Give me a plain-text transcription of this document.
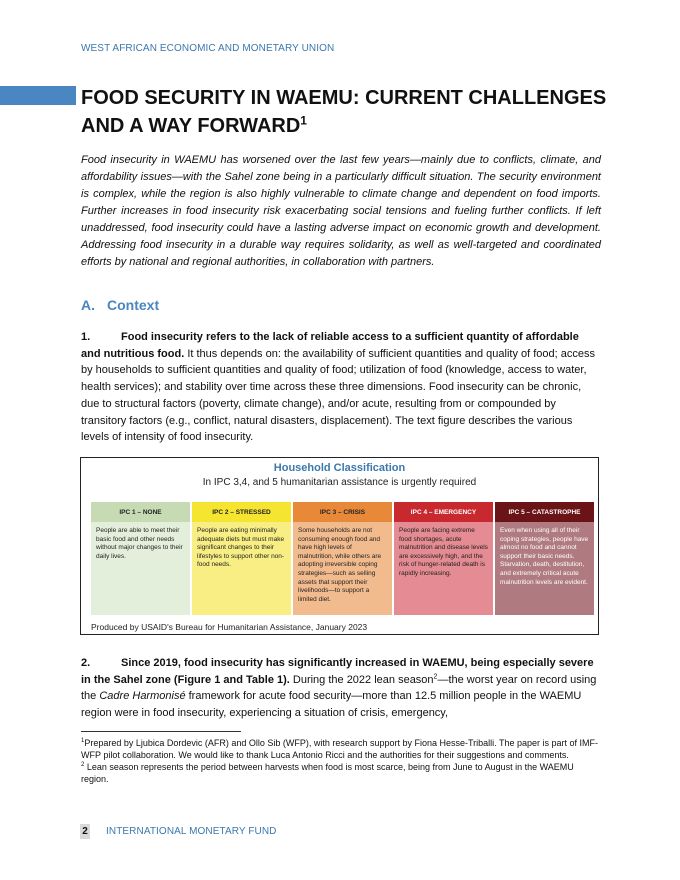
WEST AFRICAN ECONOMIC AND MONETARY UNION
FOOD SECURITY IN WAEMU: CURRENT CHALLENGES AND A WAY FORWARD$^1$

Food insecurity in WAEMU has worsened over the last few years—mainly due to conflicts, climate, and affordability issues—with the Sahel zone being in a particularly difficult situation. The security environment is complex, while the region is also highly vulnerable to climate change and dependent on food imports. Further increases in food insecurity risk exacerbating social tensions and fueling further conflicts. If left unaddressed, food insecurity could have a lasting adverse impact on economic growth and development. Addressing food insecurity in a durable way requires solidarity, as well as well-targeted and coordinated efforts by national and regional authorities, in collaboration with partners.

A. Context

1.	Food insecurity refers to the lack of reliable access to a sufficient quantity of affordable and nutritious food. It thus depends on: the availability of sufficient quantities and quality of food; access by households to sufficient quantities and quality of food; utilization of food (knowledge, access to water, health services); and stability over time across these three dimensions. Food insecurity can be chronic, due to structural factors (poverty, climate change), and/or acute, resulting from or compounded by transitory factors (e.g., conflict, natural disasters, displacement). The text figure describes the various levels of intensity of food insecurity.

Household Classification
In IPC 3,4, and 5 humanitarian assistance is urgently required
IPC 1 – NONE
People are able to meet their basic food and other needs without major changes to their daily lives.
IPC 2 – STRESSED
People are eating minimally adequate diets but must make significant changes to their lifestyles to support other non-food needs.
IPC 3 – CRISIS
Some households are not consuming enough food and have high levels of malnutrition, while others are adopting irreversible coping strategies—such as selling assets that support their livelihoods—to support a limited diet.
IPC 4 – EMERGENCY
People are facing extreme food shortages, acute malnutrition and disease levels are excessively high, and the risk of hunger-related death is rapidly increasing.
IPC 5 – CATASTROPHE
Even when using all of their coping strategies, people have almost no food and cannot support their basic needs. Starvation, death, destitution, and extremely critical acute malnutrition levels are evident.
Produced by USAID's Bureau for Humanitarian Assistance, January 2023

2.	Since 2019, food insecurity has significantly increased in WAEMU, being especially severe in the Sahel zone (Figure 1 and Table 1). During the 2022 lean season$^2$—the worst year on record using the Cadre Harmonisé framework for acute food security—more than 12.5 million people in the WAEMU region were in food insecurity, experiencing a situation of crisis, emergency,

$^1$Prepared by Ljubica Dordevic (AFR) and Ollo Sib (WFP), with research support by Fiona Hesse-Triballi. The paper is part of IMF-WFP pilot collaboration. We would like to thank Luca Antonio Ricci and the authorities for their suggestions and comments.

$^2$ Lean season represents the period between harvests when food is most scarce, being from June to August in the WAEMU region.

2 INTERNATIONAL MONETARY FUND
